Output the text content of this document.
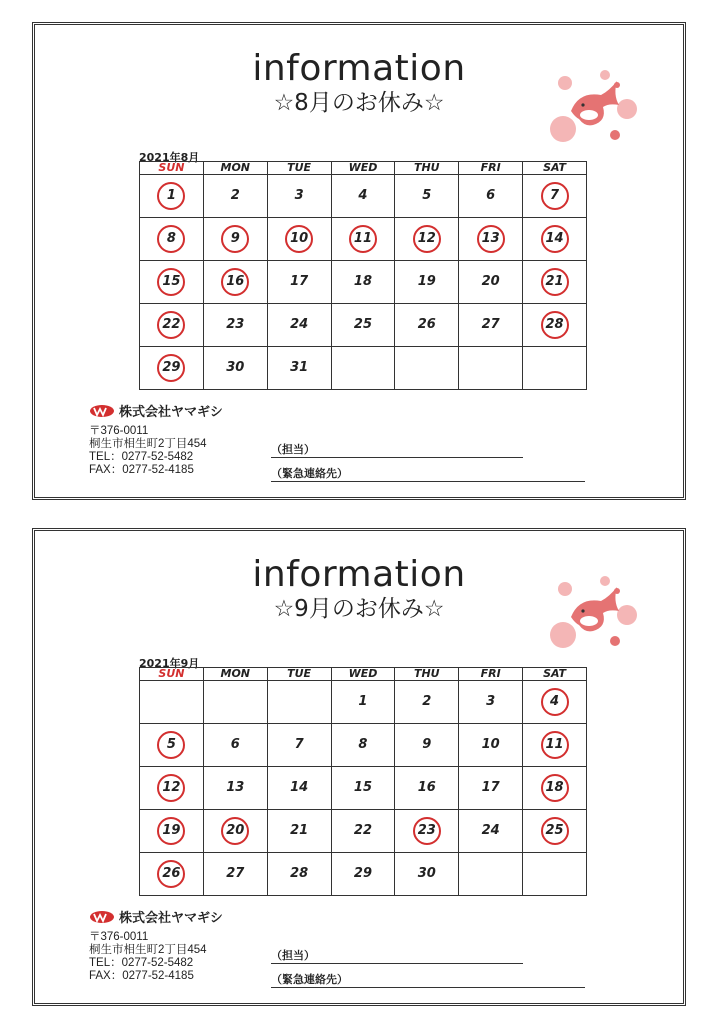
information
☆8月のお休み☆
2021年8月
SUN	MON	TUE	WED	THU	FRI	SAT
1	2	3	4	5	6	7
8	9	10	11	12	13	14
15	16	17	18	19	20	21
22	23	24	25	26	27	28
29	30	31				
株式会社ヤマギシ
〒376-0011
桐生市相生町2丁目454
TEL：0277-52-5482
FAX：0277-52-4185
（担当）
（緊急連絡先）
information
☆9月のお休み☆
2021年9月
SUN	MON	TUE	WED	THU	FRI	SAT
			1	2	3	4
5	6	7	8	9	10	11
12	13	14	15	16	17	18
19	20	21	22	23	24	25
26	27	28	29	30		
株式会社ヤマギシ
〒376-0011
桐生市相生町2丁目454
TEL：0277-52-5482
FAX：0277-52-4185
（担当）
（緊急連絡先）
